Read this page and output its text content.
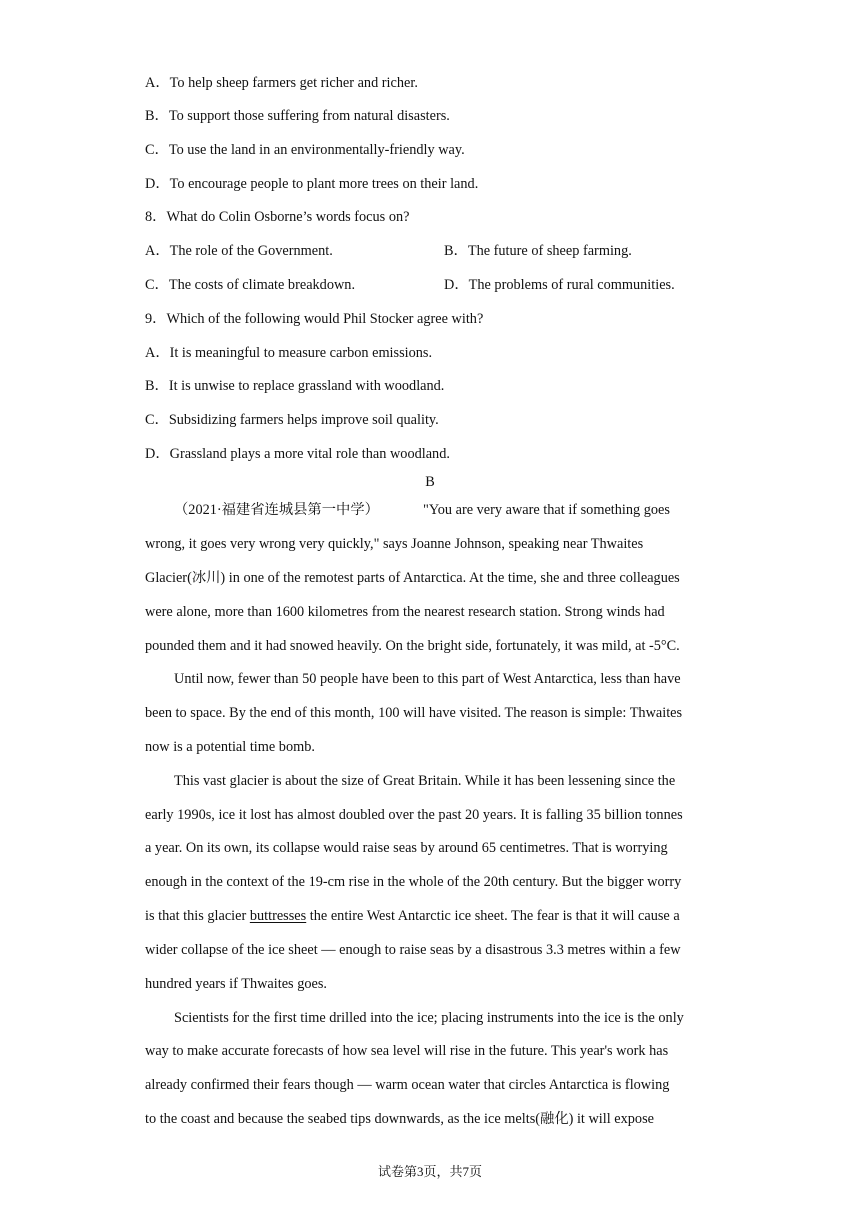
A．To help sheep farmers get richer and richer.
B．To support those suffering from natural disasters.
C．To use the land in an environmentally-friendly way.
D．To encourage people to plant more trees on their land.
8．What do Colin Osborne’s words focus on?
A．The role of the Government.	B．The future of sheep farming.
C．The costs of climate breakdown.	D．The problems of rural communities.
9．Which of the following would Phil Stocker agree with?
A．It is meaningful to measure carbon emissions.
B．It is unwise to replace grassland with woodland.
C．Subsidizing farmers helps improve soil quality.
D．Grassland plays a more vital role than woodland.
B
（2021·福建省连城县第一中学）	"You are very aware that if something goes
wrong, it goes very wrong very quickly," says Joanne Johnson, speaking near Thwaites
Glacier(冰川) in one of the remotest parts of Antarctica. At the time, she and three colleagues
were alone, more than 1600 kilometres from the nearest research station. Strong winds had
pounded them and it had snowed heavily. On the bright side, fortunately, it was mild, at -5°C.
Until now, fewer than 50 people have been to this part of West Antarctica, less than have
been to space. By the end of this month, 100 will have visited. The reason is simple: Thwaites
now is a potential time bomb.
This vast glacier is about the size of Great Britain. While it has been lessening since the
early 1990s, ice it lost has almost doubled over the past 20 years. It is falling 35 billion tonnes
a year. On its own, its collapse would raise seas by around 65 centimetres. That is worrying
enough in the context of the 19-cm rise in the whole of the 20th century. But the bigger worry
is that this glacier buttresses the entire West Antarctic ice sheet. The fear is that it will cause a
wider collapse of the ice sheet — enough to raise seas by a disastrous 3.3 metres within a few
hundred years if Thwaites goes.
Scientists for the first time drilled into the ice; placing instruments into the ice is the only
way to make accurate forecasts of how sea level will rise in the future. This year's work has
already confirmed their fears though — warm ocean water that circles Antarctica is flowing
to the coast and because the seabed tips downwards, as the ice melts(融化) it will expose
试卷第3页，共7页
